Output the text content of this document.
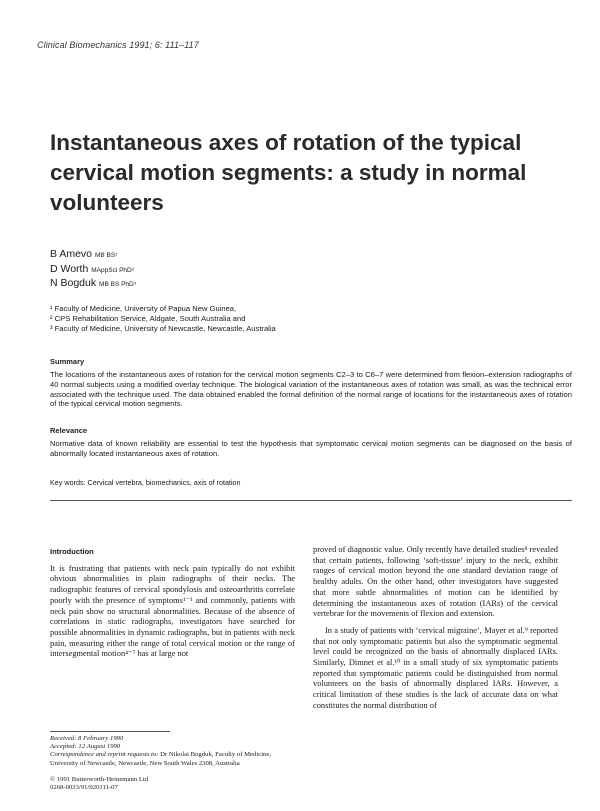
Clinical Biomechanics 1991; 6: 111–117
Instantaneous axes of rotation of the typical cervical motion segments: a study in normal volunteers
B Amevo MB BS¹
D Worth MAppSci PhD²
N Bogduk MB BS PhD³
¹ Faculty of Medicine, University of Papua New Guinea,
² CPS Rehabilitation Service, Aldgate, South Australia and
³ Faculty of Medicine, University of Newcastle, Newcastle, Australia
Summary
The locations of the instantaneous axes of rotation for the cervical motion segments C2–3 to C6–7 were determined from flexion–extension radiographs of 40 normal subjects using a modified overlay technique. The biological variation of the instantaneous axes of rotation was small, as was the technical error associated with the technique used. The data obtained enabled the formal definition of the normal range of locations for the instantaneous axes of rotation of the typical cervical motion segments.
Relevance
Normative data of known reliability are essential to test the hypothesis that symptomatic cervical motion segments can be diagnosed on the basis of abnormally located instantaneous axes of rotation.
Key words: Cervical vertebra, biomechanics, axis of rotation
Introduction

It is frustrating that patients with neck pain typically do not exhibit obvious abnormalities in plain radiographs of their necks. The radiographic features of cervical spondylosis and osteoarthritis correlate poorly with the presence of symptoms¹⁻³ and commonly, patients with neck pain show no structural abnormalities. Because of the absence of correlations in static radiographs, investigators have searched for possible abnormalities in dynamic radiographs, but in patients with neck pain, measuring either the range of total cervical motion or the range of intersegmental motion⁴⁻⁷ has at large not

proved of diagnostic value. Only recently have detailed studies⁸ revealed that certain patients, following ‘soft-tissue’ injury to the neck, exhibit ranges of cervical motion beyond the one standard deviation range of healthy adults. On the other hand, other investigators have suggested that more subtle abnormalities of motion can be identified by determining the instantaneous axes of rotation (IARs) of the cervical vertebrae for the movements of flexion and extension.

In a study of patients with ‘cervical migraine’, Mayer et al.⁹ reported that not only symptomatic patients but also the symptomatic segmental level could be recognized on the basis of abnormally displaced IARs. Similarly, Dimnet et al.¹⁰ in a small study of six symptomatic patients reported that symptomatic patients could be distinguished from normal volunteers on the basis of abnormally displaced IARs. However, a critical limitation of these studies is the lack of accurate data on what constitutes the normal distribution of

Received: 8 February 1990
Accepted: 12 August 1990
Correspondence and reprint requests to: Dr Nikolai Bogduk, Faculty of Medicine, University of Newcastle, Newcastle, New South Wales 2308, Australia
© 1991 Butterworth-Heinemann Ltd
0268-0033/91/020111-07
